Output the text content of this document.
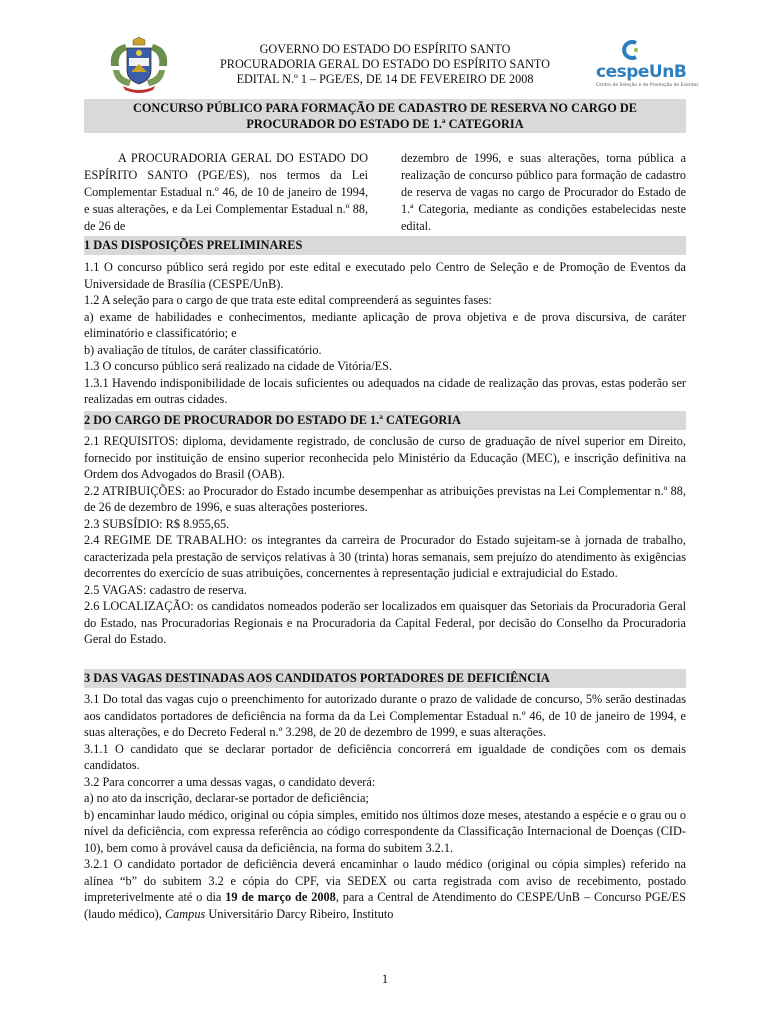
GOVERNO DO ESTADO DO ESPÍRITO SANTO
PROCURADORIA GERAL DO ESTADO DO ESPÍRITO SANTO
EDITAL N.º 1 – PGE/ES, DE 14 DE FEVEREIRO DE 2008	cespeUnB
Centro de Seleção e de Promoção de Eventos
CONCURSO PÚBLICO PARA FORMAÇÃO DE CADASTRO DE RESERVA NO CARGO DE
PROCURADOR DO ESTADO DE 1.ª CATEGORIA
A PROCURADORIA GERAL DO ESTADO DO ESPÍRITO SANTO (PGE/ES), nos termos da Lei Complementar Estadual n.º 46, de 10 de janeiro de 1994, e suas alterações, e da Lei Complementar Estadual n.º 88, de 26 de
dezembro de 1996, e suas alterações, torna pública a realização de concurso público para formação de cadastro de reserva de vagas no cargo de Procurador do Estado de 1.ª Categoria, mediante as condições estabelecidas neste edital.
1 DAS DISPOSIÇÕES PRELIMINARES

1.1 O concurso público será regido por este edital e executado pelo Centro de Seleção e de Promoção de Eventos da Universidade de Brasília (CESPE/UnB).

1.2 A seleção para o cargo de que trata este edital compreenderá as seguintes fases:

a) exame de habilidades e conhecimentos, mediante aplicação de prova objetiva e de prova discursiva, de caráter eliminatório e classificatório; e

b) avaliação de títulos, de caráter classificatório.

1.3 O concurso público será realizado na cidade de Vitória/ES.

1.3.1 Havendo indisponibilidade de locais suficientes ou adequados na cidade de realização das provas, estas poderão ser realizadas em outras cidades.

2 DO CARGO DE PROCURADOR DO ESTADO DE 1.ª CATEGORIA

2.1 REQUISITOS: diploma, devidamente registrado, de conclusão de curso de graduação de nível superior em Direito, fornecido por instituição de ensino superior reconhecida pelo Ministério da Educação (MEC), e inscrição definitiva na Ordem dos Advogados do Brasil (OAB).

2.2 ATRIBUIÇÕES: ao Procurador do Estado incumbe desempenhar as atribuições previstas na Lei Complementar n.º 88, de 26 de dezembro de 1996, e suas alterações posteriores.

2.3 SUBSÍDIO: R$ 8.955,65.

2.4 REGIME DE TRABALHO: os integrantes da carreira de Procurador do Estado sujeitam-se à jornada de trabalho, caracterizada pela prestação de serviços relativas à 30 (trinta) horas semanais, sem prejuízo do atendimento às exigências decorrentes do exercício de suas atribuições, concernentes à representação judicial e extrajudicial do Estado.

2.5 VAGAS: cadastro de reserva.

2.6 LOCALIZAÇÃO: os candidatos nomeados poderão ser localizados em quaisquer das Setoriais da Procuradoria Geral do Estado, nas Procuradorias Regionais e na Procuradoria da Capital Federal, por decisão do Conselho da Procuradoria Geral do Estado.

3 DAS VAGAS DESTINADAS AOS CANDIDATOS PORTADORES DE DEFICIÊNCIA

3.1 Do total das vagas cujo o preenchimento for autorizado durante o prazo de validade de concurso, 5% serão destinadas aos candidatos portadores de deficiência na forma da da Lei Complementar Estadual n.º 46, de 10 de janeiro de 1994, e suas alterações, e do Decreto Federal n.º 3.298, de 20 de dezembro de 1999, e suas alterações.

3.1.1 O candidato que se declarar portador de deficiência concorrerá em igualdade de condições com os demais candidatos.

3.2 Para concorrer a uma dessas vagas, o candidato deverá:

a) no ato da inscrição, declarar-se portador de deficiência;

b) encaminhar laudo médico, original ou cópia simples, emitido nos últimos doze meses, atestando a espécie e o grau ou o nível da deficiência, com expressa referência ao código correspondente da Classificação Internacional de Doenças (CID-10), bem como à provável causa da deficiência, na forma do subitem 3.2.1.

3.2.1 O candidato portador de deficiência deverá encaminhar o laudo médico (original ou cópia simples) referido na alínea “b” do subitem 3.2 e cópia do CPF, via SEDEX ou carta registrada com aviso de recebimento, postado impreterivelmente até o dia 19 de março de 2008, para a Central de Atendimento do CESPE/UnB – Concurso PGE/ES (laudo médico), Campus Universitário Darcy Ribeiro, Instituto

1
